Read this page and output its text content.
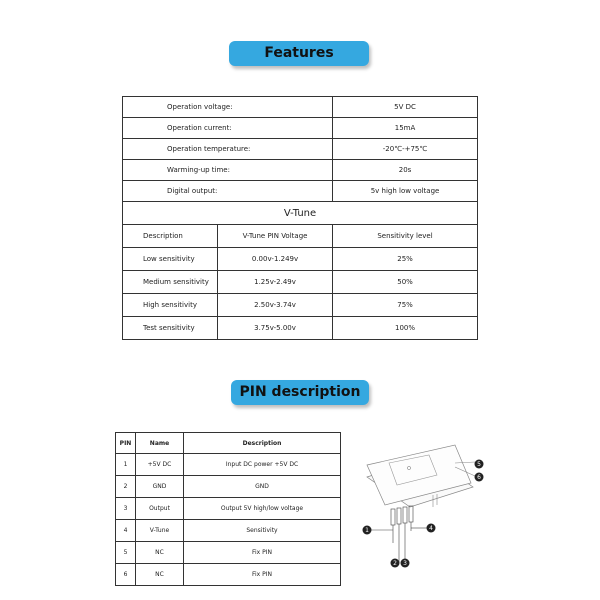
Features
Operation voltage:		5V DC
Operation current:		15mA
Operation temperature:		-20℃-+75℃
Warming-up time:		20s
Digital output:		5v high low voltage
V-Tune		
Description	V-Tune PIN Voltage	Sensitivity level
Low sensitivity	0.00v-1.249v	25%
Medium sensitivity	1.25v-2.49v	50%
High sensitivity	2.50v-3.74v	75%
Test sensitivity	3.75v-5.00v	100%
PIN description
PIN	Name	Description
1	+5V DC	Input DC power +5V DC
2	GND	GND
3	Output	Output 5V high/low voltage
4	V-Tune	Sensitivity
5	NC	Fix PIN
6	NC	Fix PIN
1	4
2 3
5
6
